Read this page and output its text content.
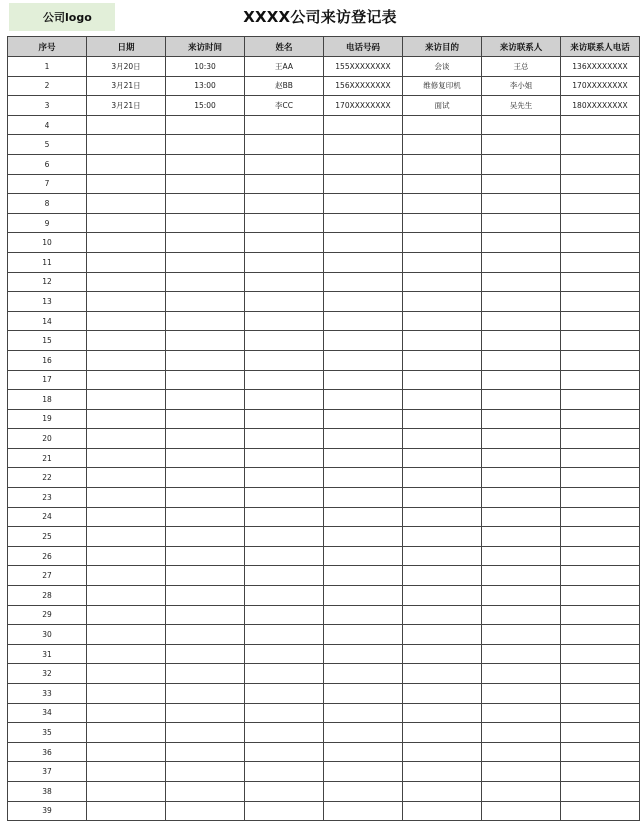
公司logo	XXXX公司来访登记表
序号	日期	来访时间	姓名	电话号码	来访目的	来访联系人	来访联系人电话
1	3月20日	10:30	王AA	155XXXXXXXX	会谈	王总	136XXXXXXXX
2	3月21日	13:00	赵BB	156XXXXXXXX	维修复印机	李小姐	170XXXXXXXX
3	3月21日	15:00	李CC	170XXXXXXXX	面试	吴先生	180XXXXXXXX
4							
5							
6							
7							
8							
9							
10							
11							
12							
13							
14							
15							
16							
17							
18							
19							
20							
21							
22							
23							
24							
25							
26							
27							
28							
29							
30							
31							
32							
33							
34							
35							
36							
37							
38							
39							
